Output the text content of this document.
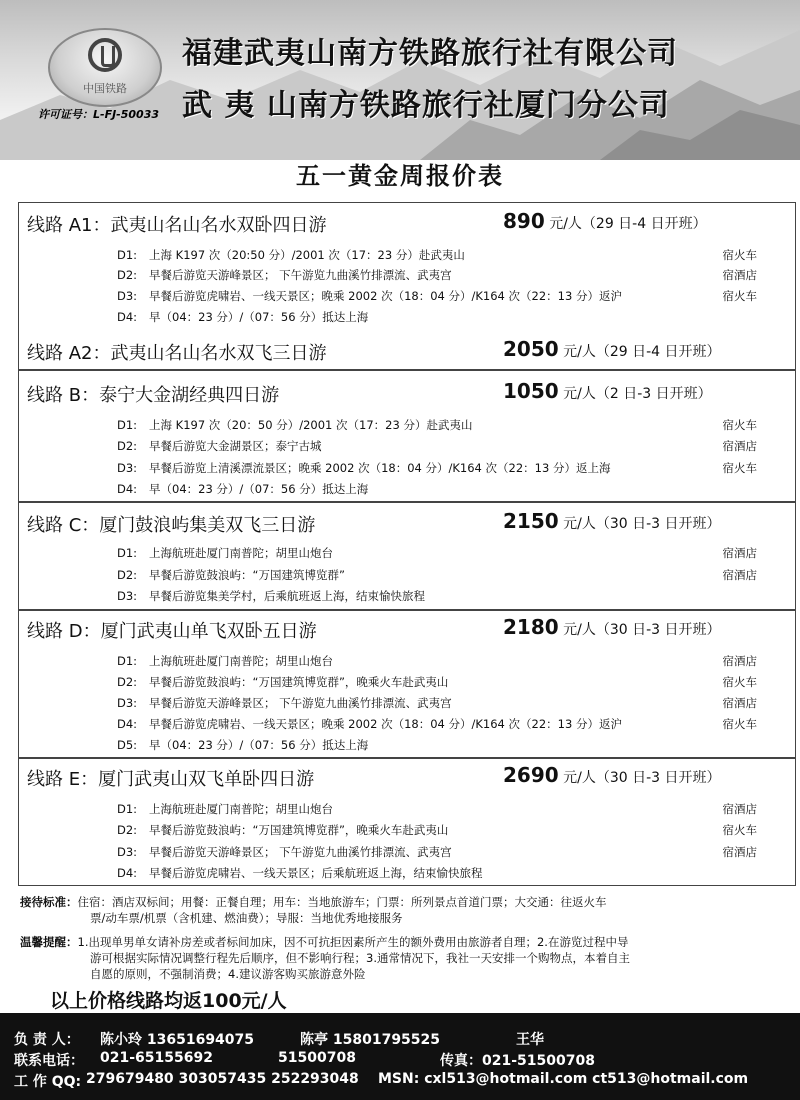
中国铁路
许可证号：L-FJ-50033
福建武夷山南方铁路旅行社有限公司
武 夷 山南方铁路旅行社厦门分公司
五一黄金周报价表
线路 A1：武夷山名山名水双卧四日游	890 元/人（29 日-4 日开班）
D1: 上海 K197 次（20:50 分）/2001 次（17：23 分）赴武夷山	宿火车
D2: 早餐后游览天游峰景区； 下午游览九曲溪竹排漂流、武夷宫	宿酒店
D3: 早餐后游览虎啸岩、一线天景区；晚乘 2002 次（18：04 分）/K164 次（22：13 分）返沪	宿火车
D4: 早（04：23 分）/（07：56 分）抵达上海
线路 A2：武夷山名山名水双飞三日游	2050 元/人（29 日-4 日开班）
线路 B：泰宁大金湖经典四日游	1050 元/人（2 日-3 日开班）
D1: 上海 K197 次（20：50 分）/2001 次（17：23 分）赴武夷山	宿火车
D2: 早餐后游览大金湖景区；泰宁古城	宿酒店
D3: 早餐后游览上清溪漂流景区；晚乘 2002 次（18：04 分）/K164 次（22：13 分）返上海	宿火车
D4: 早（04：23 分）/（07：56 分）抵达上海
线路 C：厦门鼓浪屿集美双飞三日游	2150 元/人（30 日-3 日开班）
D1: 上海航班赴厦门南普陀；胡里山炮台	宿酒店
D2: 早餐后游览鼓浪屿：“万国建筑博览群”	宿酒店
D3: 早餐后游览集美学村，后乘航班返上海，结束愉快旅程
线路 D：厦门武夷山单飞双卧五日游	2180 元/人（30 日-3 日开班）
D1: 上海航班赴厦门南普陀；胡里山炮台	宿酒店
D2: 早餐后游览鼓浪屿：“万国建筑博览群”，晚乘火车赴武夷山	宿火车
D3: 早餐后游览天游峰景区； 下午游览九曲溪竹排漂流、武夷宫	宿酒店
D4: 早餐后游览虎啸岩、一线天景区；晚乘 2002 次（18：04 分）/K164 次（22：13 分）返沪	宿火车
D5: 早（04：23 分）/（07：56 分）抵达上海
线路 E：厦门武夷山双飞单卧四日游	2690 元/人（30 日-3 日开班）
D1: 上海航班赴厦门南普陀；胡里山炮台	宿酒店
D2: 早餐后游览鼓浪屿：“万国建筑博览群”，晚乘火车赴武夷山	宿火车
D3: 早餐后游览天游峰景区； 下午游览九曲溪竹排漂流、武夷宫	宿酒店
D4: 早餐后游览虎啸岩、一线天景区；后乘航班返上海，结束愉快旅程
接待标准：住宿：酒店双标间；用餐：正餐自理；用车：当地旅游车；门票：所列景点首道门票；大交通：往返火车
票/动车票/机票（含机建、燃油费）；导服：当地优秀地接服务
温馨提醒：1.出现单男单女请补房差或者标间加床，因不可抗拒因素所产生的额外费用由旅游者自理；2.在游览过程中导
游可根据实际情况调整行程先后顺序，但不影响行程；3.通常情况下，我社一天安排一个购物点，本着自主
自愿的原则，不强制消费；4.建议游客购买旅游意外险
以上价格线路均返100元/人
负 责 人： 陈小玲 13651694075	陈亭 15801795525	王华
联系电话： 021-65155692	51500708	传真：021-51500708
工 作 QQ: 279679480 303057435 252293048 MSN: cxl513@hotmail.com ct513@hotmail.com
